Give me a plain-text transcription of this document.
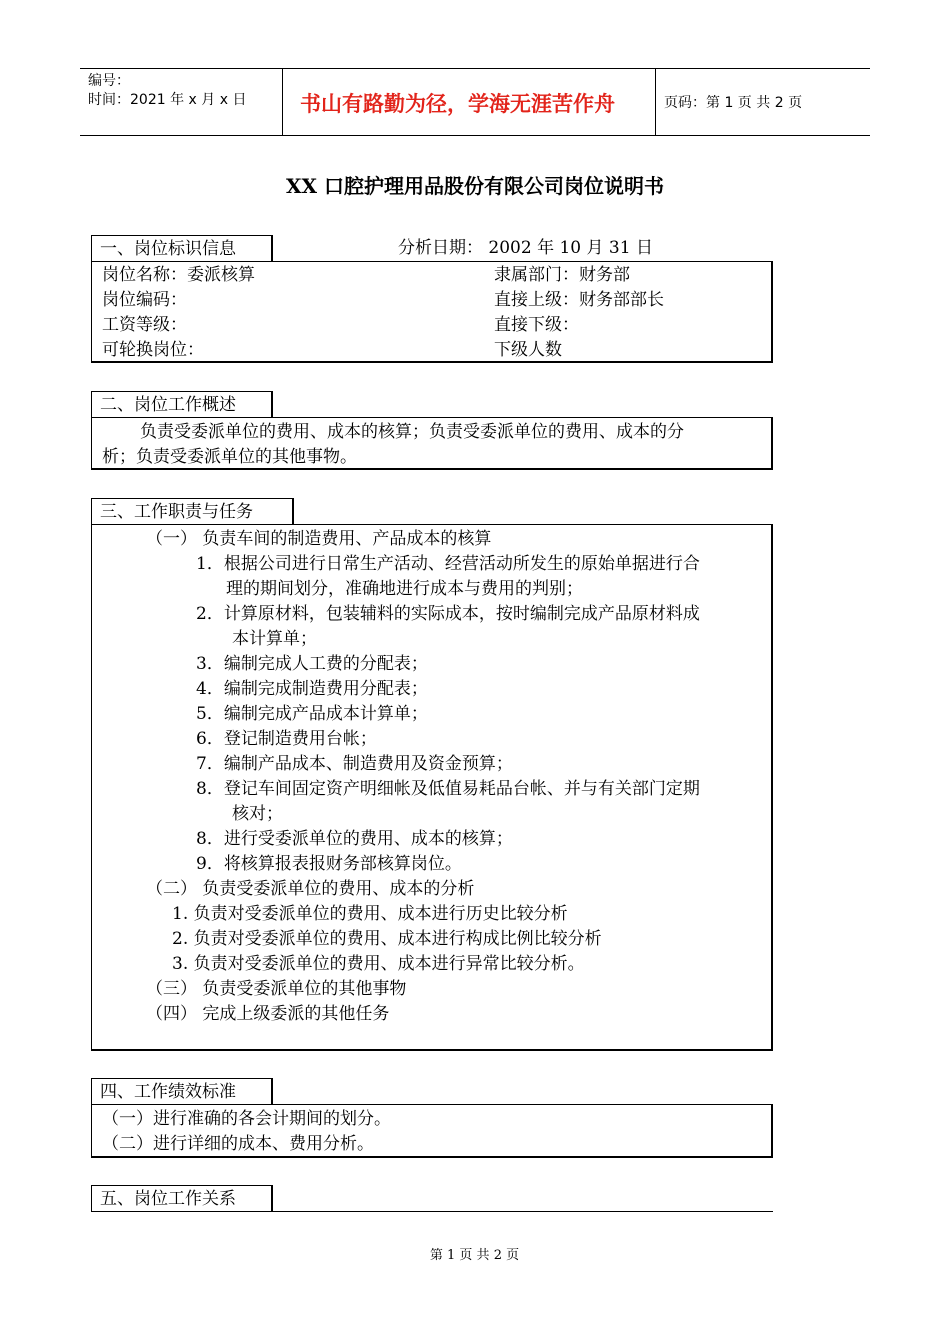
编号：
时间：2021 年 x 月 x 日	书山有路勤为径，学海无涯苦作舟	页码：第 1 页 共 2 页
XX 口腔护理用品股份有限公司岗位说明书
一、岗位标识信息	分析日期： 2002 年 10 月 31 日
岗位名称：委派核算	隶属部门：财务部
岗位编码：	直接上级：财务部部长
工资等级：	直接下级：
可轮换岗位：	下级人数
二、岗位工作概述
负责受委派单位的费用、成本的核算；负责受委派单位的费用、成本的分
析；负责受委派单位的其他事物。
三、工作职责与任务
（一） 负责车间的制造费用、产品成本的核算
1．根据公司进行日常生产活动、经营活动所发生的原始单据进行合
理的期间划分，准确地进行成本与费用的判别；
2．计算原材料，包装辅料的实际成本，按时编制完成产品原材料成
本计算单；
3．编制完成人工费的分配表；
4．编制完成制造费用分配表；
5．编制完成产品成本计算单；
6．登记制造费用台帐；
7．编制产品成本、制造费用及资金预算；
8．登记车间固定资产明细帐及低值易耗品台帐、并与有关部门定期
核对；
8．进行受委派单位的费用、成本的核算；
9．将核算报表报财务部核算岗位。
（二） 负责受委派单位的费用、成本的分析
1. 负责对受委派单位的费用、成本进行历史比较分析
2. 负责对受委派单位的费用、成本进行构成比例比较分析
3. 负责对受委派单位的费用、成本进行异常比较分析。
（三） 负责受委派单位的其他事物
（四） 完成上级委派的其他任务
四、工作绩效标准
（一）进行准确的各会计期间的划分。
（二）进行详细的成本、费用分析。
五、岗位工作关系
第 1 页 共 2 页
